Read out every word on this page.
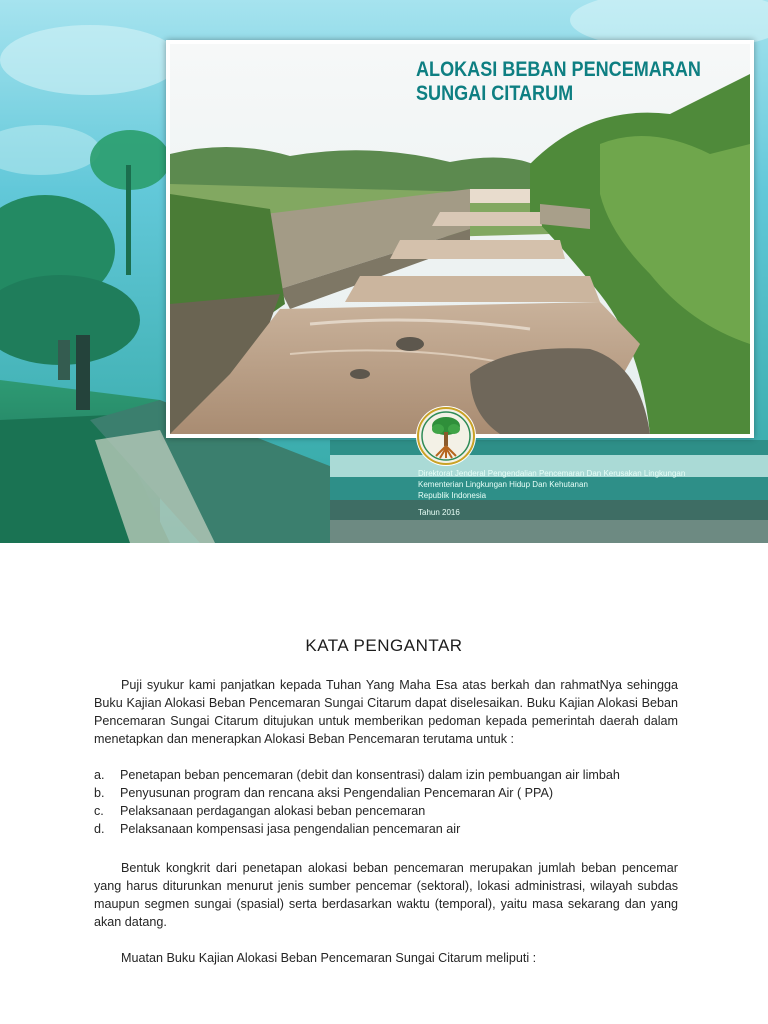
ALOKASI BEBAN PENCEMARAN
SUNGAI CITARUM
Direktorat Jenderal Pengendalian Pencemaran Dan Kerusakan Lingkungan
Kementerian Lingkungan Hidup Dan Kehutanan
Republik Indonesia
Tahun 2016
KATA PENGANTAR

Puji syukur kami panjatkan kepada Tuhan Yang Maha Esa atas berkah dan rahmatNya sehingga Buku Kajian Alokasi Beban Pencemaran Sungai Citarum dapat diselesaikan. Buku Kajian Alokasi Beban Pencemaran Sungai Citarum ditujukan untuk memberikan pedoman kepada pemerintah daerah dalam menetapkan dan menerapkan Alokasi Beban Pencemaran terutama untuk :

a. Penetapan beban pencemaran (debit dan konsentrasi) dalam izin pembuangan air limbah
b. Penyusunan program dan rencana aksi Pengendalian Pencemaran Air ( PPA)
c. Pelaksanaan perdagangan alokasi beban pencemaran
d. Pelaksanaan kompensasi jasa pengendalian pencemaran air

Bentuk kongkrit dari penetapan alokasi beban pencemaran merupakan jumlah beban pencemar yang harus diturunkan menurut jenis sumber pencemar (sektoral), lokasi administrasi, wilayah subdas maupun segmen sungai (spasial) serta berdasarkan waktu (temporal), yaitu masa sekarang dan yang akan datang.

Muatan Buku Kajian Alokasi Beban Pencemaran Sungai Citarum meliputi :
